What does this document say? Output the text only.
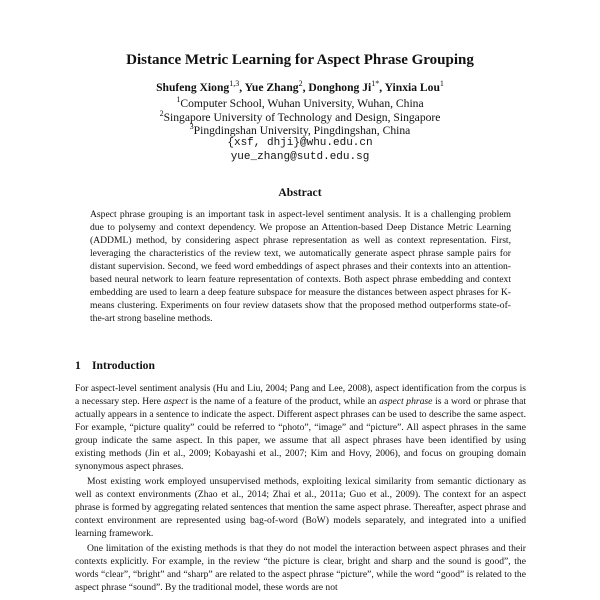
Distance Metric Learning for Aspect Phrase Grouping
Shufeng Xiong$^{1,3}$, Yue Zhang$^2$, Donghong $Ji^{1*}$, Yinxia Lou$^1$
$^1$Computer School, Wuhan University, Wuhan, China
$^2$Singapore University of Technology and Design, Singapore
$^3$Pingdingshan University, Pingdingshan, China
{xsf, dhji}@whu.edu.cn
yue_zhang@sutd.edu.sg
Abstract

Aspect phrase grouping is an important task in aspect-level sentiment analysis. It is a challenging problem due to polysemy and context dependency. We propose an Attention-based Deep Distance Metric Learning (ADDML) method, by considering aspect phrase representation as well as context representation. First, leveraging the characteristics of the review text, we automatically generate aspect phrase sample pairs for distant supervision. Second, we feed word embeddings of aspect phrases and their contexts into an attention-based neural network to learn feature representation of contexts. Both aspect phrase embedding and context embedding are used to learn a deep feature subspace for measure the distances between aspect phrases for K-means clustering. Experiments on four review datasets show that the proposed method outperforms state-of-the-art strong baseline methods.

1 Introduction

For aspect-level sentiment analysis (Hu and Liu, 2004; Pang and Lee, 2008), aspect identification from the corpus is a necessary step. Here aspect is the name of a feature of the product, while an aspect phrase is a word or phrase that actually appears in a sentence to indicate the aspect. Different aspect phrases can be used to describe the same aspect. For example, “picture quality” could be referred to “photo”, “image” and “picture”. All aspect phrases in the same group indicate the same aspect. In this paper, we assume that all aspect phrases have been identified by using existing methods (Jin et al., 2009; Kobayashi et al., 2007; Kim and Hovy, 2006), and focus on grouping domain synonymous aspect phrases.

Most existing work employed unsupervised methods, exploiting lexical similarity from semantic dictionary as well as context environments (Zhao et al., 2014; Zhai et al., 2011a; Guo et al., 2009). The context for an aspect phrase is formed by aggregating related sentences that mention the same aspect phrase. Thereafter, aspect phrase and context environment are represented using bag-of-word (BoW) models separately, and integrated into a unified learning framework.

One limitation of the existing methods is that they do not model the interaction between aspect phrases and their contexts explicitly. For example, in the review “the picture is clear, bright and sharp and the sound is good”, the words “clear”, “bright” and “sharp” are related to the aspect phrase “picture”, while the word “good” is related to the aspect phrase “sound”. By the traditional model, these words are not
